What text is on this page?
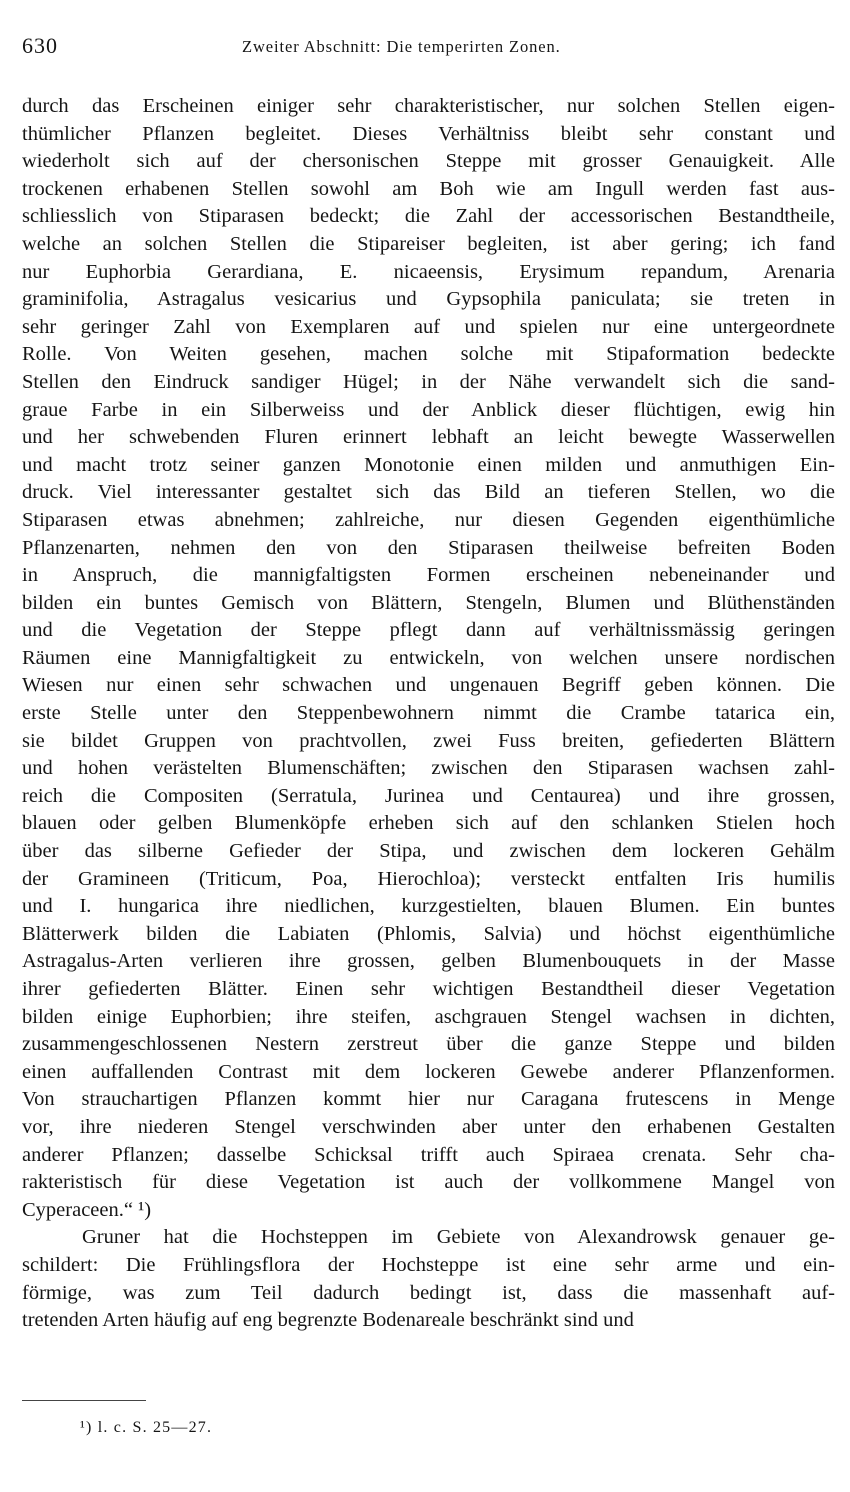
630	Zweiter Abschnitt: Die temperirten Zonen.
durch das Erscheinen einiger sehr charakteristischer, nur solchen Stellen eigen-
thümlicher Pflanzen begleitet. Dieses Verhältniss bleibt sehr constant und
wiederholt sich auf der chersonischen Steppe mit grosser Genauigkeit. Alle
trockenen erhabenen Stellen sowohl am Boh wie am Ingull werden fast aus-
schliesslich von Stiparasen bedeckt; die Zahl der accessorischen Bestandtheile,
welche an solchen Stellen die Stipareiser begleiten, ist aber gering; ich fand
nur Euphorbia Gerardiana, E. nicaeensis, Erysimum repandum, Arenaria
graminifolia, Astragalus vesicarius und Gypsophila paniculata; sie treten in
sehr geringer Zahl von Exemplaren auf und spielen nur eine untergeordnete
Rolle. Von Weiten gesehen, machen solche mit Stipaformation bedeckte
Stellen den Eindruck sandiger Hügel; in der Nähe verwandelt sich die sand-
graue Farbe in ein Silberweiss und der Anblick dieser flüchtigen, ewig hin
und her schwebenden Fluren erinnert lebhaft an leicht bewegte Wasserwellen
und macht trotz seiner ganzen Monotonie einen milden und anmuthigen Ein-
druck. Viel interessanter gestaltet sich das Bild an tieferen Stellen, wo die
Stiparasen etwas abnehmen; zahlreiche, nur diesen Gegenden eigenthümliche
Pflanzenarten, nehmen den von den Stiparasen theilweise befreiten Boden
in Anspruch, die mannigfaltigsten Formen erscheinen nebeneinander und
bilden ein buntes Gemisch von Blättern, Stengeln, Blumen und Blüthenständen
und die Vegetation der Steppe pflegt dann auf verhältnissmässig geringen
Räumen eine Mannigfaltigkeit zu entwickeln, von welchen unsere nordischen
Wiesen nur einen sehr schwachen und ungenauen Begriff geben können. Die
erste Stelle unter den Steppenbewohnern nimmt die Crambe tatarica ein,
sie bildet Gruppen von prachtvollen, zwei Fuss breiten, gefiederten Blättern
und hohen verästelten Blumenschäften; zwischen den Stiparasen wachsen zahl-
reich die Compositen (Serratula, Jurinea und Centaurea) und ihre grossen,
blauen oder gelben Blumenköpfe erheben sich auf den schlanken Stielen hoch
über das silberne Gefieder der Stipa, und zwischen dem lockeren Gehälm
der Gramineen (Triticum, Poa, Hierochloa); versteckt entfalten Iris humilis
und I. hungarica ihre niedlichen, kurzgestielten, blauen Blumen. Ein buntes
Blätterwerk bilden die Labiaten (Phlomis, Salvia) und höchst eigenthümliche
Astragalus-Arten verlieren ihre grossen, gelben Blumenbouquets in der Masse
ihrer gefiederten Blätter. Einen sehr wichtigen Bestandtheil dieser Vegetation
bilden einige Euphorbien; ihre steifen, aschgrauen Stengel wachsen in dichten,
zusammengeschlossenen Nestern zerstreut über die ganze Steppe und bilden
einen auffallenden Contrast mit dem lockeren Gewebe anderer Pflanzenformen.
Von strauchartigen Pflanzen kommt hier nur Caragana frutescens in Menge
vor, ihre niederen Stengel verschwinden aber unter den erhabenen Gestalten
anderer Pflanzen; dasselbe Schicksal trifft auch Spiraea crenata. Sehr cha-
rakteristisch für diese Vegetation ist auch der vollkommene Mangel von
Cyperaceen.“ ¹)
Gruner hat die Hochsteppen im Gebiete von Alexandrowsk genauer ge-
schildert: Die Frühlingsflora der Hochsteppe ist eine sehr arme und ein-
förmige, was zum Teil dadurch bedingt ist, dass die massenhaft auf-
tretenden Arten häufig auf eng begrenzte Bodenareale beschränkt sind und
¹) l. c. S. 25—27.
